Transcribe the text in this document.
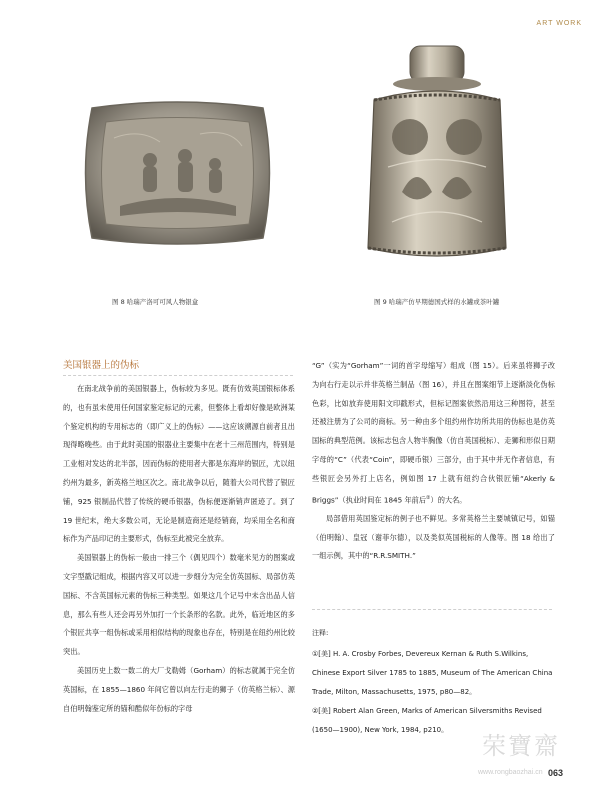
ART WORK
图 8 哈瑞产洛可可风人物银盒	图 9 哈瑞产仿早期德国式样的水罐或茶叶罐
美国银器上的伪标

在南北战争前的美国银器上，伪标较为多见。既有仿效英国银标体系的，也有虽未使用任何国家鉴定标记的元素，但整体上看却好像是欧洲某个鉴定机构的专用标志的（即广义上的伪标）——这应该溯源自前者且出现得略晚些。由于此时美国的银器业主要集中在老十三州范围内，特别是工业相对发达的北半部，因而伪标的使用者大都是东海岸的银匠，尤以纽约州为最多，新英格兰地区次之。南北战争以后，随着大公司代替了银匠铺，925 银制品代替了传统的硬币银器，伪标便逐渐销声匿迹了。到了 19 世纪末，绝大多数公司，无论是制造商还是经销商，均采用全名和商标作为产品印记的主要形式，伪标至此被完全放弃。

美国银器上的伪标一般由一排三个（偶见四个）数毫米见方的图案或文字型戳记组成，根据内容又可以进一步细分为完全仿英国标、局部仿英国标、不含英国标元素的伪标三种类型。如果这几个记号中未含出品人信息，那么有些人还会再另外加打一个长条形的名款。此外，临近地区的多个银匠共享一组伪标或采用相似结构的现象也存在，特别是在纽约州比较突出。

美国历史上数一数二的大厂戈勒姆（Gorham）的标志就属于完全仿英国标，在 1855—1860 年间它曾以向左行走的狮子（仿英格兰标）、源自伯明翰鉴定所的锚和酷似年份标的字母

“G”（实为“Gorham”一词的首字母缩写）组成（图 15）。后来虽将狮子改为向右行走以示并非英格兰制品（图 16），并且在图案细节上逐渐淡化伪标色彩，比如放弃使用阳文印戳形式，但标记图案依然沿用这三种图符，甚至还被注册为了公司的商标。另一种由多个纽约州作坊所共用的伪标也是仿英国标的典型范例。该标志包含人物半胸像（仿自英国税标）、走狮和形似日期字母的“C”（代表“Coin”，即硬币银）三部分，由于其中并无作者信息，有些银匠会另外打上店名，例如图 17 上就有纽约合伙银匠铺“Akerly & Briggs”（执业时间在 1845 年前后②）的大名。

局部借用英国鉴定标的例子也不鲜见。多常英格兰主要城镇记号，如锚（伯明翰）、皇冠（谢菲尔德），以及类似英国税标的人像等。图 18 给出了一组示例，其中的“R.R.SMITH.”

注释:

①[美] H. A. Crosby Forbes, Devereux Kernan & Ruth S.Wilkins, Chinese Export Silver 1785 to 1885, Museum of The American China Trade, Milton, Massachusetts, 1975, p80—82。

②[美] Robert Alan Green, Marks of American Silversmiths Revised (1650—1900), New York, 1984, p210。

荣寶齋
www.rongbaozhai.cn 063
